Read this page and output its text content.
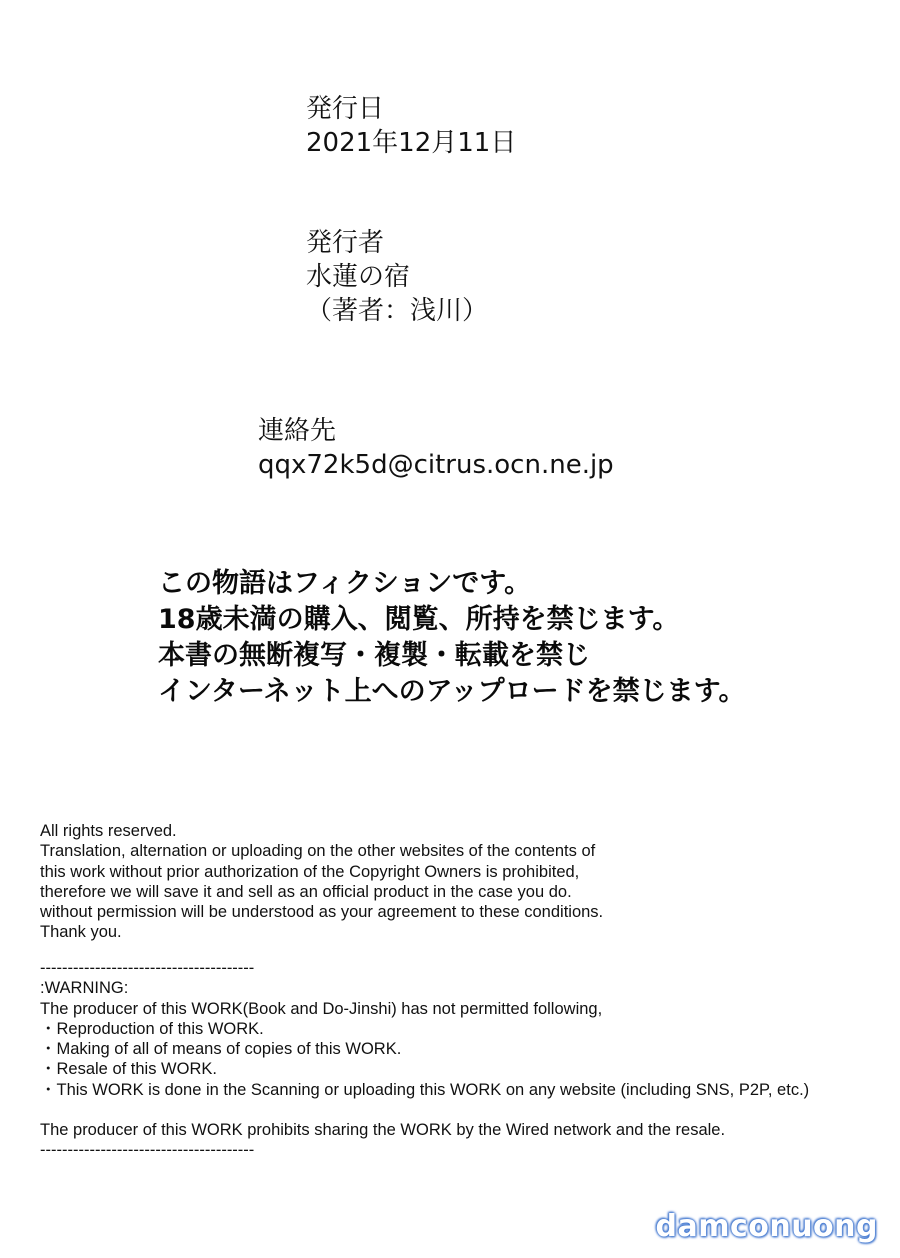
発行日
2021年12月11日
発行者
水蓮の宿
（著者：浅川）
連絡先
qqx72k5d@citrus.ocn.ne.jp
この物語はフィクションです。
18歳未満の購入、閲覧、所持を禁じます。
本書の無断複写・複製・転載を禁じ
インターネット上へのアップロードを禁じます。
All rights reserved.
Translation, alternation or uploading on the other websites of the contents of
this work without prior authorization of the Copyright Owners is prohibited,
therefore we will save it and sell as an official product in the case you do.
without permission will be understood as your agreement to these conditions.
Thank you.
---------------------------------------
:WARNING:
The producer of this WORK(Book and Do-Jinshi) has not permitted following,
・Reproduction of this WORK.
・Making of all of means of copies of this WORK.
・Resale of this WORK.
・This WORK is done in the Scanning or uploading this WORK on any website (including SNS, P2P, etc.)
The producer of this WORK prohibits sharing the WORK by the Wired network and the resale.
---------------------------------------
damconuong
